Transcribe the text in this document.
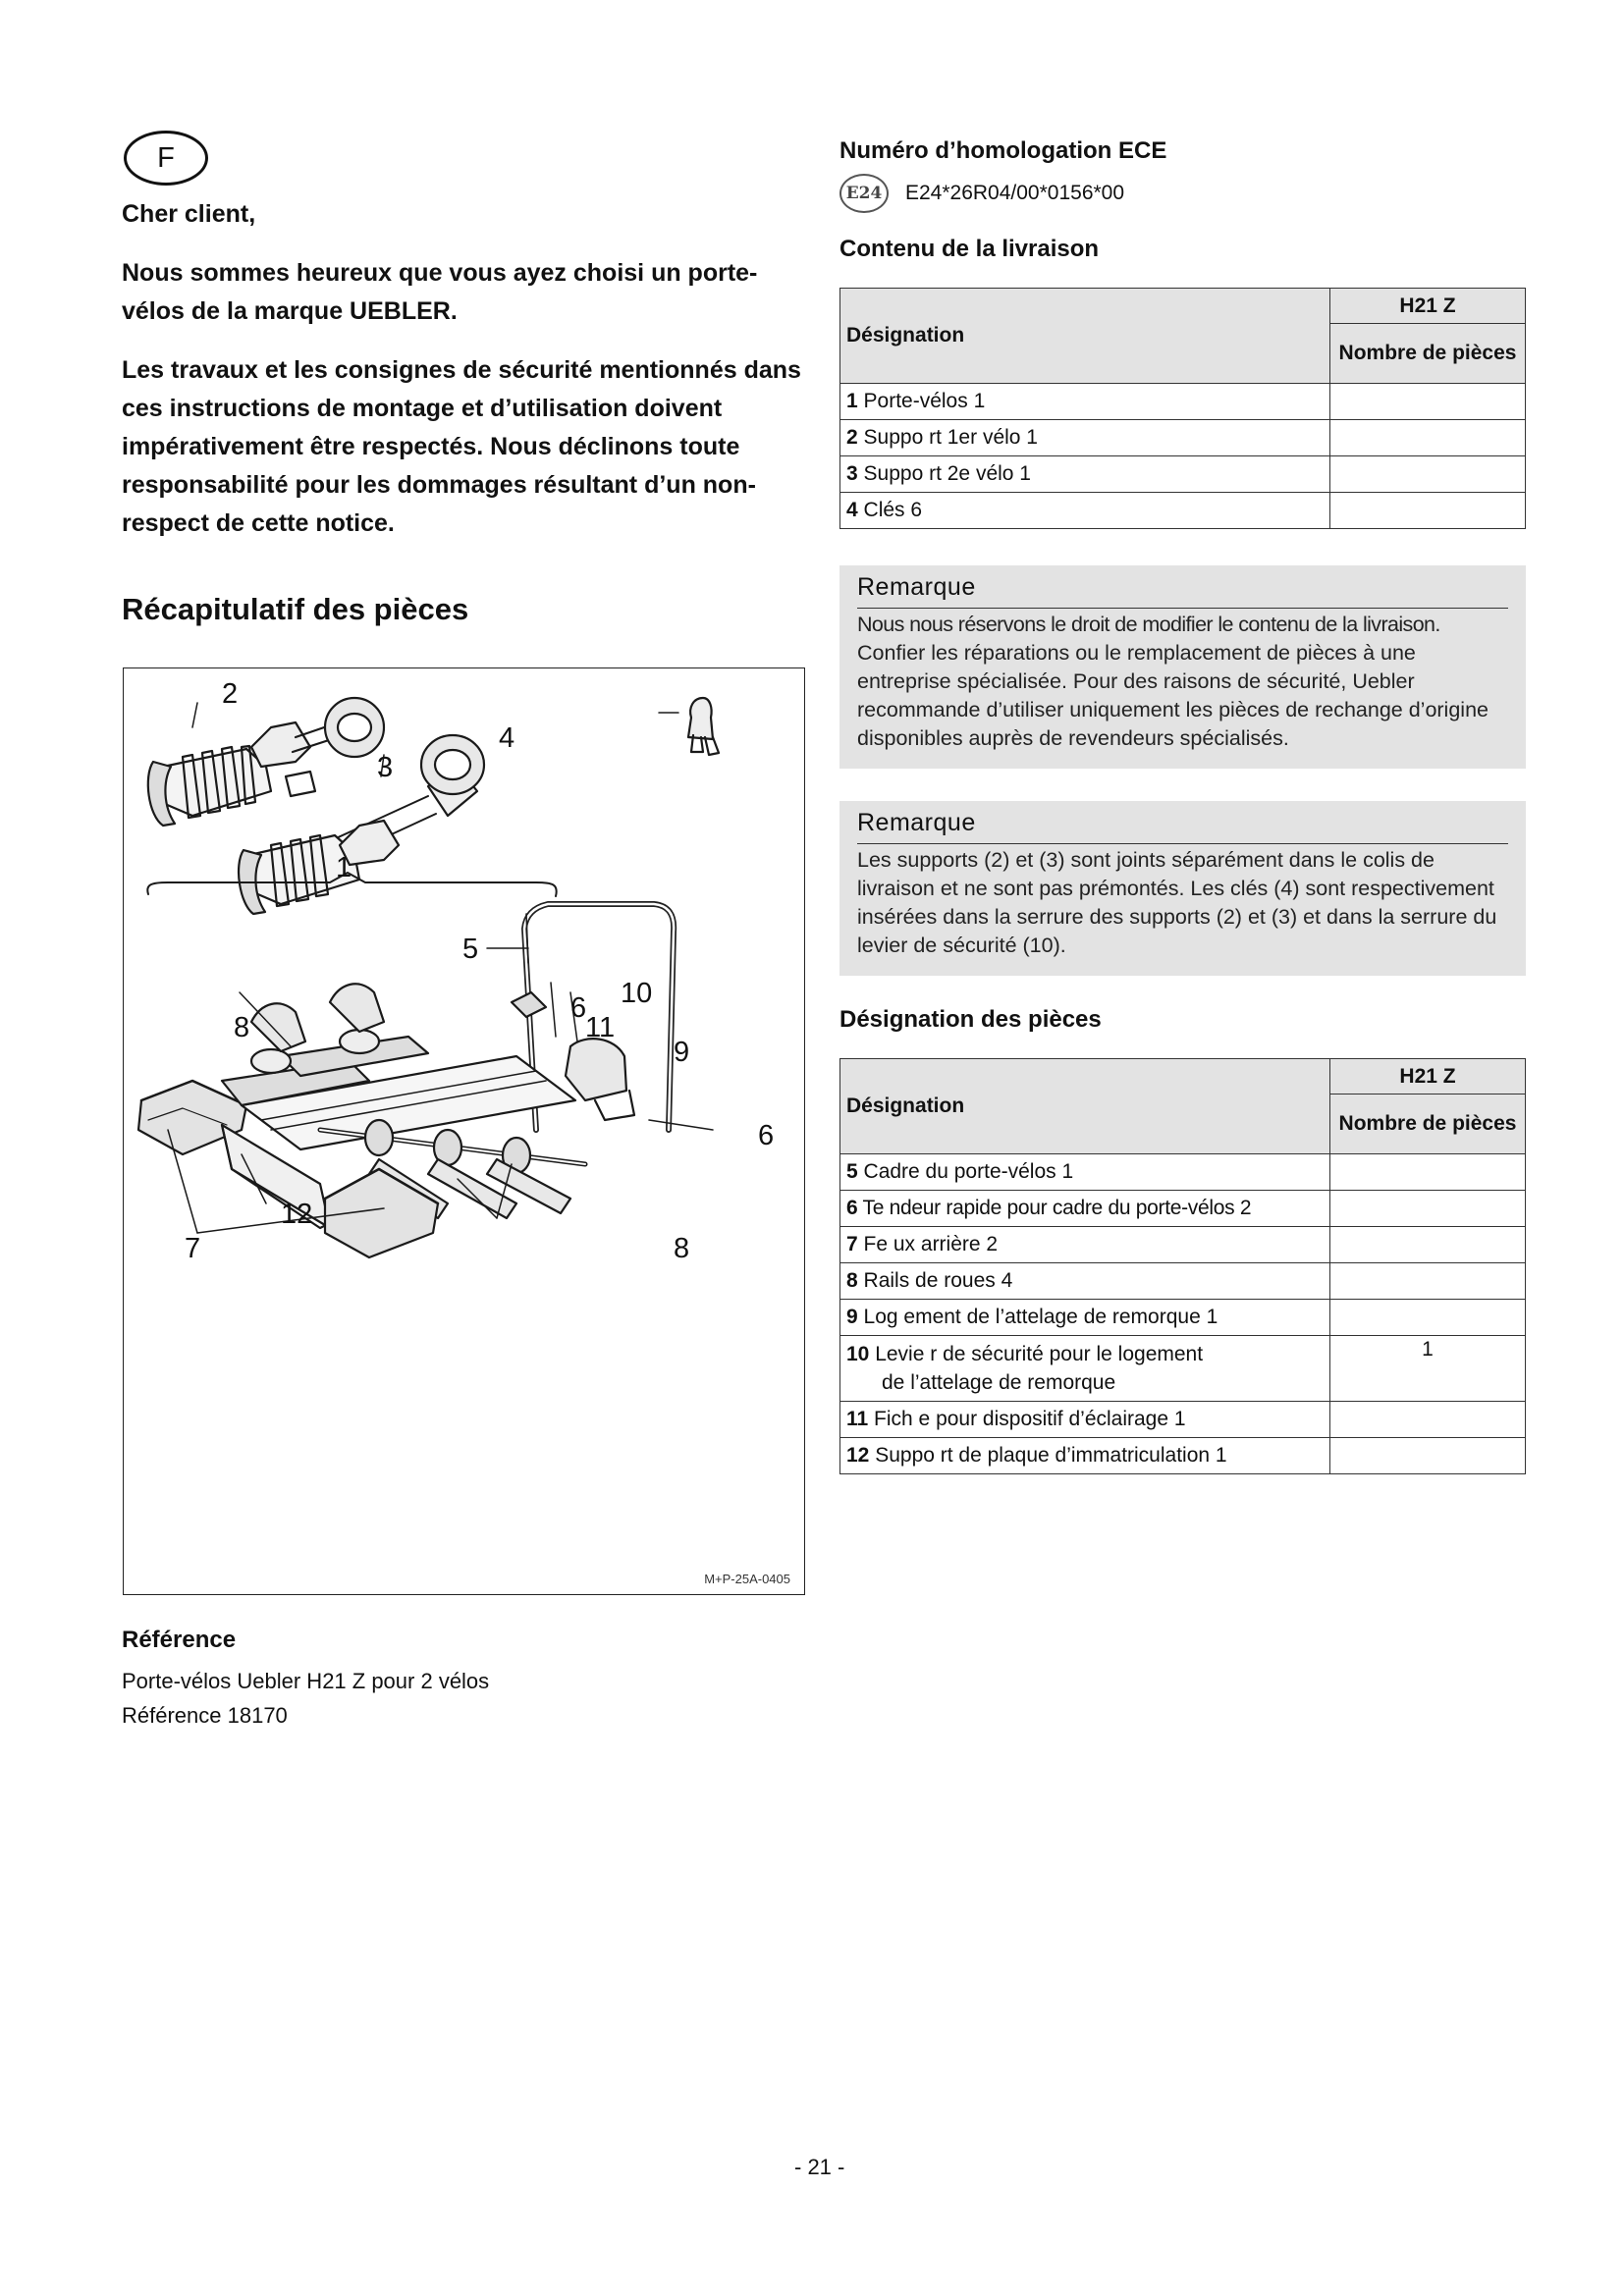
F
Cher client,

Nous sommes heureux que vous ayez choisi un porte-vélos de la marque UEBLER.

Les travaux et les consignes de sécurité mentionnés dans ces instructions de montage et d’utilisation doivent impérativement être respectés. Nous déclinons toute responsabilité pour les dommages résultant d’un non-respect de cette notice.

Récapitulatif des pièces
2
4
3
1
5
10
6
11
8
9
6
12
7	8
M+P-25A-0405
Référence
Porte-vélos Uebler H21 Z pour 2 vélos
Référence 18170
Numéro d’homologation ECE
E24 E24*26R04/00*0156*00
Contenu de la livraison
Désignation	H21 Z
	Nombre de pièces
1 Porte-vélos 1	
2 Suppo rt 1er vélo 1	
3 Suppo rt 2e vélo 1	
4 Clés 6	
Remarque

Nous nous réservons le droit de modifier le contenu de la livraison.
Confier les réparations ou le remplacement de pièces à une entreprise spécialisée. Pour des raisons de sécurité, Uebler recommande d’utiliser uniquement les pièces de rechange d’origine disponibles auprès de revendeurs spécialisés.

Remarque

Les supports (2) et (3) sont joints séparément dans le colis de livraison et ne sont pas prémontés. Les clés (4) sont respectivement insérées dans la serrure des supports (2) et (3) et dans la serrure du levier de sécurité (10).

Désignation des pièces
Désignation	H21 Z
	Nombre de pièces
5 Cadre du porte-vélos 1	
6 Te ndeur rapide pour cadre du porte-vélos 2	
7 Fe ux arrière 2	
8 Rails de roues 4	
9 Log ement de l’attelage de remorque 1	
10 Levie r de sécurité pour le logement
de l’attelage de remorque	1
11 Fich e pour dispositif d’éclairage 1	
12 Suppo rt de plaque d’immatriculation 1	
- 21 -
